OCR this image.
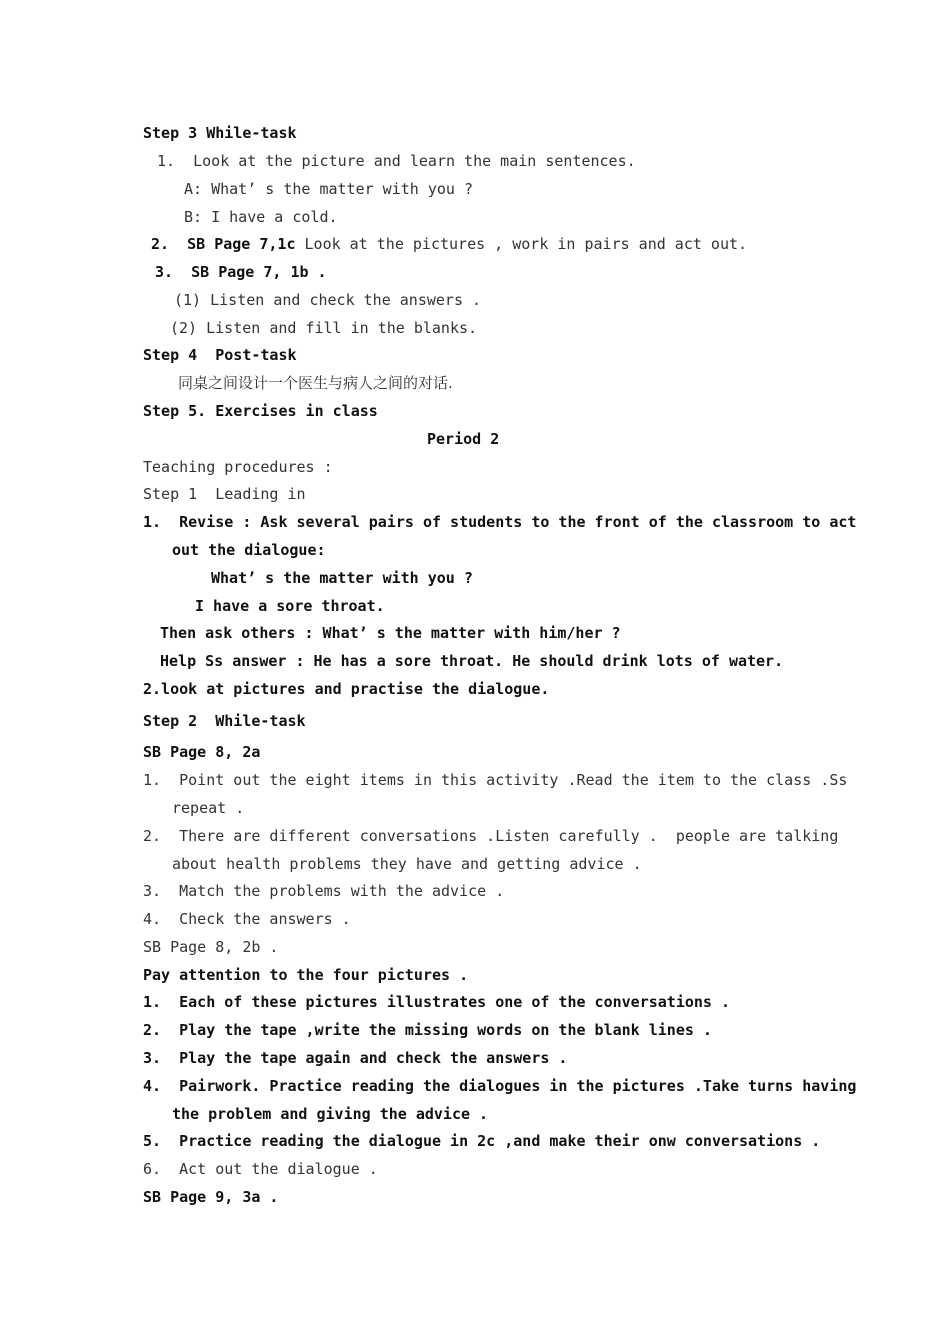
Step 3 While-task
1.  Look at the picture and learn the main sentences.
A: What’ s the matter with you ?
B: I have a cold.
2.  SB Page 7,1c Look at the pictures , work in pairs and act out.
3.  SB Page 7, 1b .
(1) Listen and check the answers .
(2) Listen and fill in the blanks.
Step 4  Post-task
同桌之间设计一个医生与病人之间的对话.
Step 5. Exercises in class
Period 2
Teaching procedures :
Step 1  Leading in
1.  Revise : Ask several pairs of students to the front of the classroom to act
out the dialogue:
What’ s the matter with you ?
I have a sore throat.
Then ask others : What’ s the matter with him/her ?
Help Ss answer : He has a sore throat. He should drink lots of water.
2.look at pictures and practise the dialogue.
Step 2  While-task
SB Page 8, 2a
1.  Point out the eight items in this activity .Read the item to the class .Ss
repeat .
2.  There are different conversations .Listen carefully .  people are talking
about health problems they have and getting advice .
3.  Match the problems with the advice .
4.  Check the answers .
SB Page 8, 2b .
Pay attention to the four pictures .
1.  Each of these pictures illustrates one of the conversations .
2.  Play the tape ,write the missing words on the blank lines .
3.  Play the tape again and check the answers .
4.  Pairwork. Practice reading the dialogues in the pictures .Take turns having
the problem and giving the advice .
5.  Practice reading the dialogue in 2c ,and make their onw conversations .
6.  Act out the dialogue .
SB Page 9, 3a .
